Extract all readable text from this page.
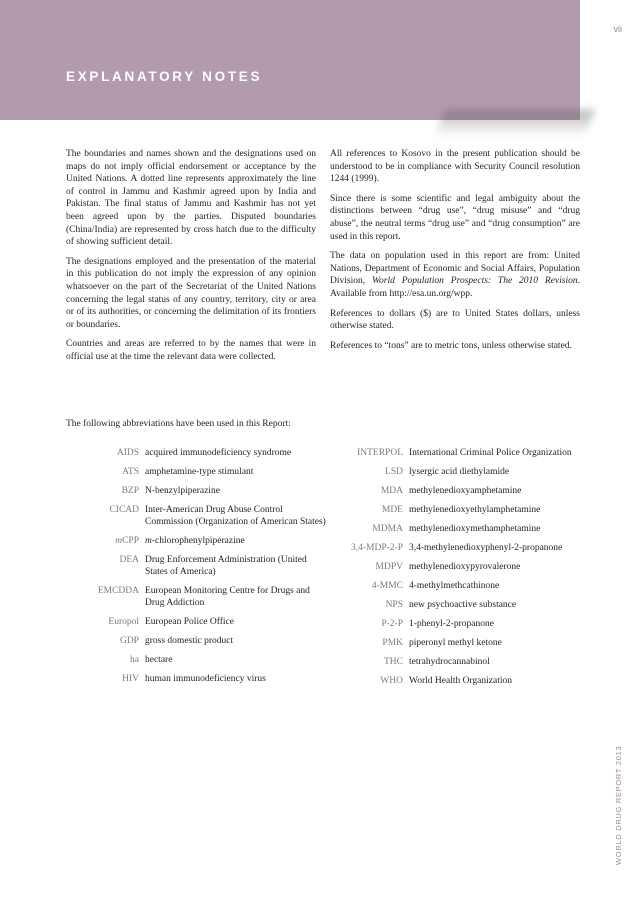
vii
EXPLANATORY NOTES

The boundaries and names shown and the designations used on maps do not imply official endorsement or acceptance by the United Nations. A dotted line represents approximately the line of control in Jammu and Kashmir agreed upon by India and Pakistan. The final status of Jammu and Kashmir has not yet been agreed upon by the parties. Disputed boundaries (China/India) are represented by cross hatch due to the difficulty of showing sufficient detail.

The designations employed and the presentation of the material in this publication do not imply the expression of any opinion whatsoever on the part of the Secretariat of the United Nations concerning the legal status of any country, territory, city or area or of its authorities, or concerning the delimitation of its frontiers or boundaries.

Countries and areas are referred to by the names that were in official use at the time the relevant data were collected.

All references to Kosovo in the present publication should be understood to be in compliance with Security Council resolution 1244 (1999).

Since there is some scientific and legal ambiguity about the distinctions between “drug use”, “drug misuse” and “drug abuse”, the neutral terms “drug use” and “drug consumption” are used in this report.

The data on population used in this report are from: United Nations, Department of Economic and Social Affairs, Population Division, World Population Prospects: The 2010 Revision. Available from http://esa.un.org/wpp.

References to dollars ($) are to United States dollars, unless otherwise stated.

References to “tons” are to metric tons, unless otherwise stated.

The following abbreviations have been used in this Report:

AIDS acquired immunodeficiency syndrome
ATS amphetamine-type stimulant
BZP N-benzylpiperazine
CICAD Inter-American Drug Abuse Control Commission (Organization of American States)
mCPP m-chlorophenylpiperazine
DEA Drug Enforcement Administration (United States of America)
EMCDDA European Monitoring Centre for Drugs and Drug Addiction
Europol European Police Office
GDP gross domestic product
ha hectare
HIV human immunodeficiency virus
INTERPOL International Criminal Police Organization
LSD lysergic acid diethylamide
MDA methylenedioxyamphetamine
MDE methylenedioxyethylamphetamine
MDMA methylenedioxymethamphetamine
3,4-MDP-2-P 3,4-methylenedioxyphenyl-2-propanone
MDPV methylenedioxypyrovalerone
4-MMC 4-methylmethcathinone
NPS new psychoactive substance
P-2-P 1-phenyl-2-propanone
PMK piperonyl methyl ketone
THC tetrahydrocannabinol
WHO World Health Organization
WORLD DRUG REPORT 2013
